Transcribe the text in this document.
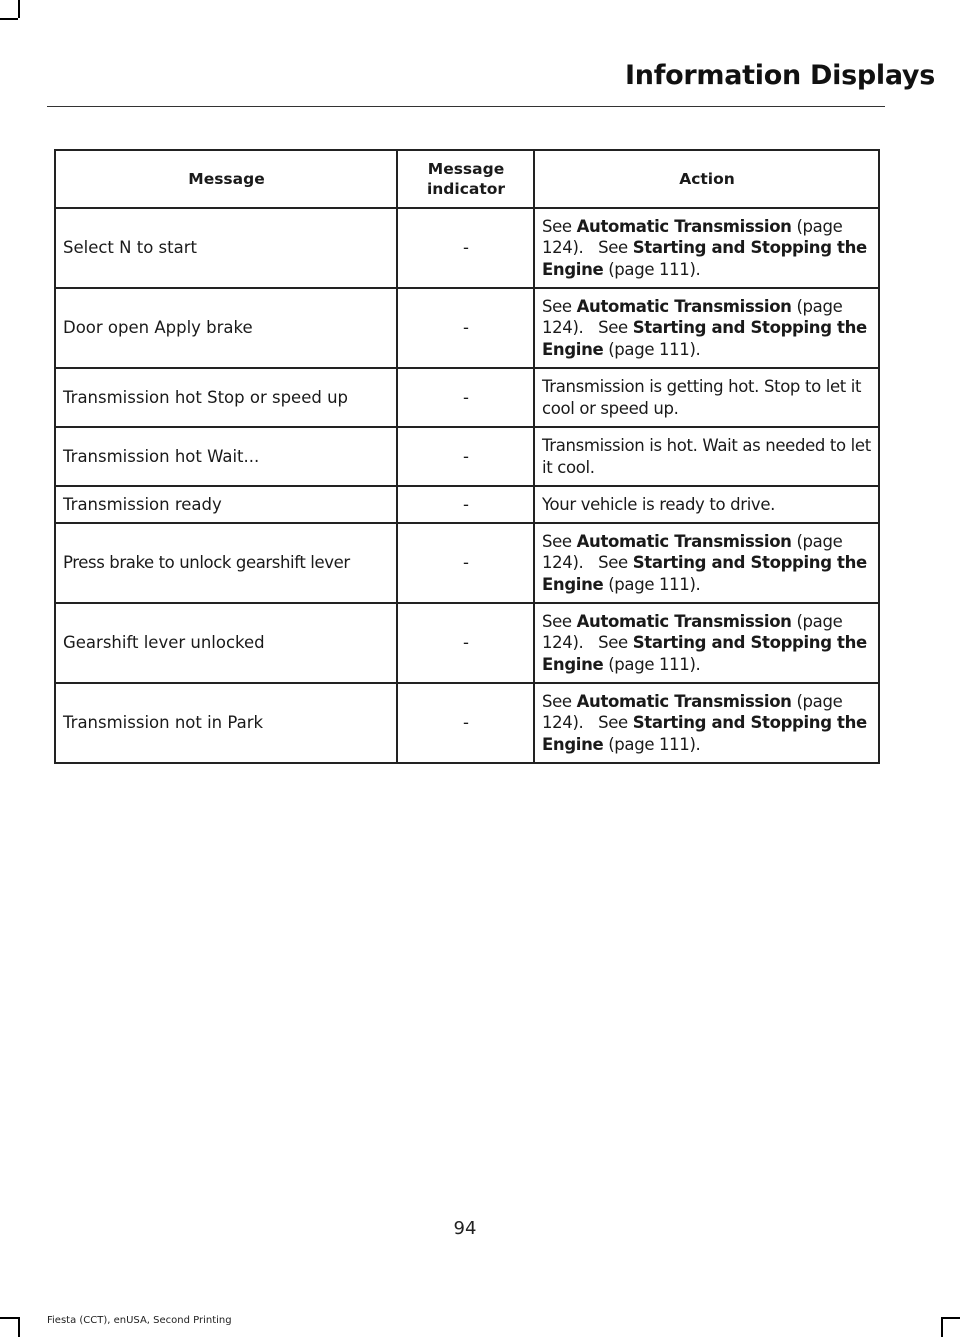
Information Displays
Message	Message indicator	Action
Select N to start	-	See Automatic Transmission (page 124).   See Starting and Stopping the Engine (page 111).
Door open Apply brake	-	See Automatic Transmission (page 124).   See Starting and Stopping the Engine (page 111).
Transmission hot Stop or speed up	-	Transmission is getting hot. Stop to let it cool or speed up.
Transmission hot Wait...	-	Transmission is hot. Wait as needed to let it cool.
Transmission ready	-	Your vehicle is ready to drive.
Press brake to unlock gearshift lever	-	See Automatic Transmission (page 124).   See Starting and Stopping the Engine (page 111).
Gearshift lever unlocked	-	See Automatic Transmission (page 124).   See Starting and Stopping the Engine (page 111).
Transmission not in Park	-	See Automatic Transmission (page 124).   See Starting and Stopping the Engine (page 111).
94
Fiesta (CCT), enUSA, Second Printing
